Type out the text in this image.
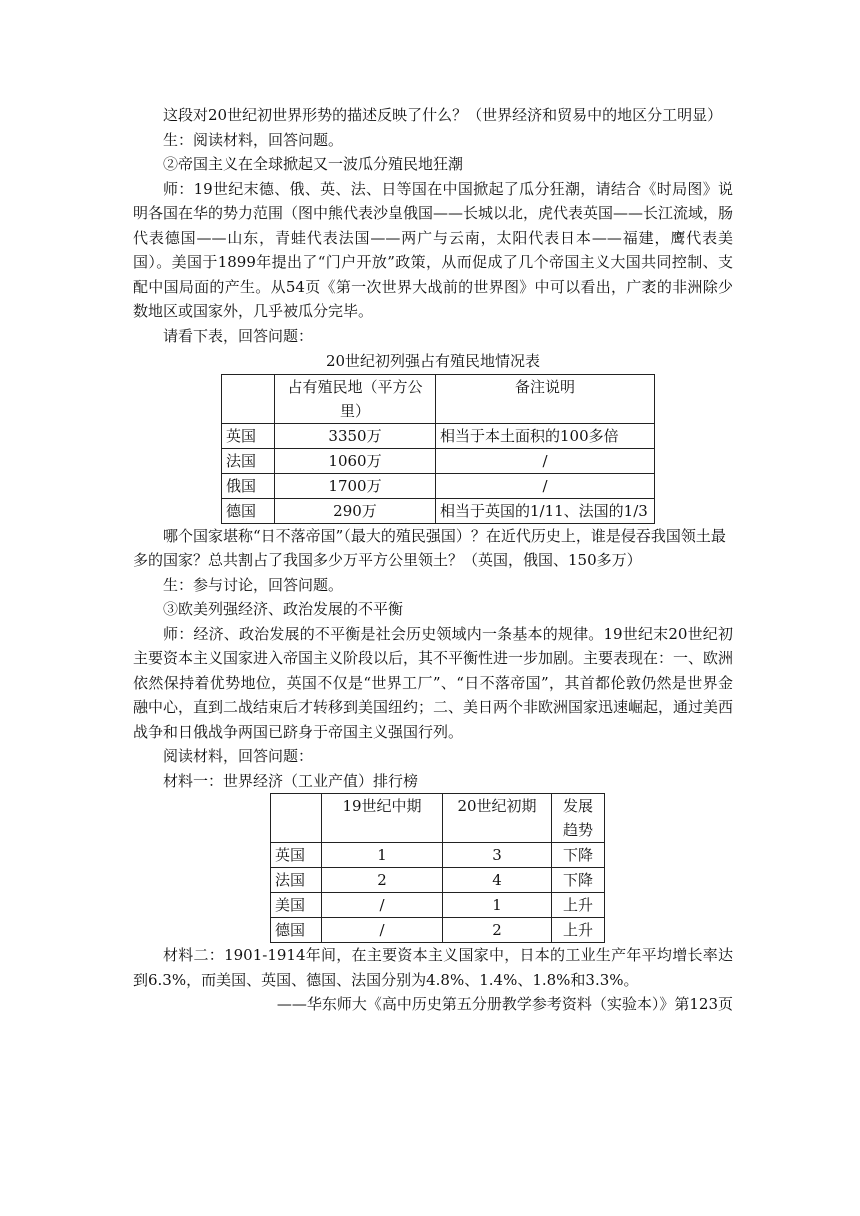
这段对20世纪初世界形势的描述反映了什么？（世界经济和贸易中的地区分工明显）

生：阅读材料，回答问题。

②帝国主义在全球掀起又一波瓜分殖民地狂潮

师：19世纪末德、俄、英、法、日等国在中国掀起了瓜分狂潮，请结合《时局图》说明各国在华的势力范围（图中熊代表沙皇俄国——长城以北，虎代表英国——长江流域，肠代表德国——山东，青蛙代表法国——两广与云南，太阳代表日本——福建，鹰代表美国）。美国于1899年提出了“门户开放”政策，从而促成了几个帝国主义大国共同控制、支配中国局面的产生。从54页《第一次世界大战前的世界图》中可以看出，广袤的非洲除少数地区或国家外，几乎被瓜分完毕。

请看下表，回答问题：

20世纪初列强占有殖民地情况表
	占有殖民地（平方公里）	备注说明
英国	3350万	相当于本土面积的100多倍
法国	1060万	/
俄国	1700万	/
德国	290万	相当于英国的1/11、法国的1/3

哪个国家堪称“日不落帝国”（最大的殖民强国）？在近代历史上，谁是侵吞我国领土最多的国家？总共割占了我国多少万平方公里领土？（英国，俄国、150多万）

生：参与讨论，回答问题。

③欧美列强经济、政治发展的不平衡

师：经济、政治发展的不平衡是社会历史领域内一条基本的规律。19世纪末20世纪初主要资本主义国家进入帝国主义阶段以后，其不平衡性进一步加剧。主要表现在：一、欧洲依然保持着优势地位，英国不仅是“世界工厂”、“日不落帝国”，其首都伦敦仍然是世界金融中心，直到二战结束后才转移到美国纽约；二、美日两个非欧洲国家迅速崛起，通过美西战争和日俄战争两国已跻身于帝国主义强国行列。

阅读材料，回答问题：

材料一：世界经济（工业产值）排行榜
	19世纪中期	20世纪初期	发展趋势
英国	1	3	下降
法国	2	4	下降
美国	/	1	上升
德国	/	2	上升

材料二：1901-1914年间，在主要资本主义国家中，日本的工业生产年平均增长率达到6.3%，而美国、英国、德国、法国分别为4.8%、1.4%、1.8%和3.3%。

——华东师大《高中历史第五分册教学参考资料（实验本）》第123页
